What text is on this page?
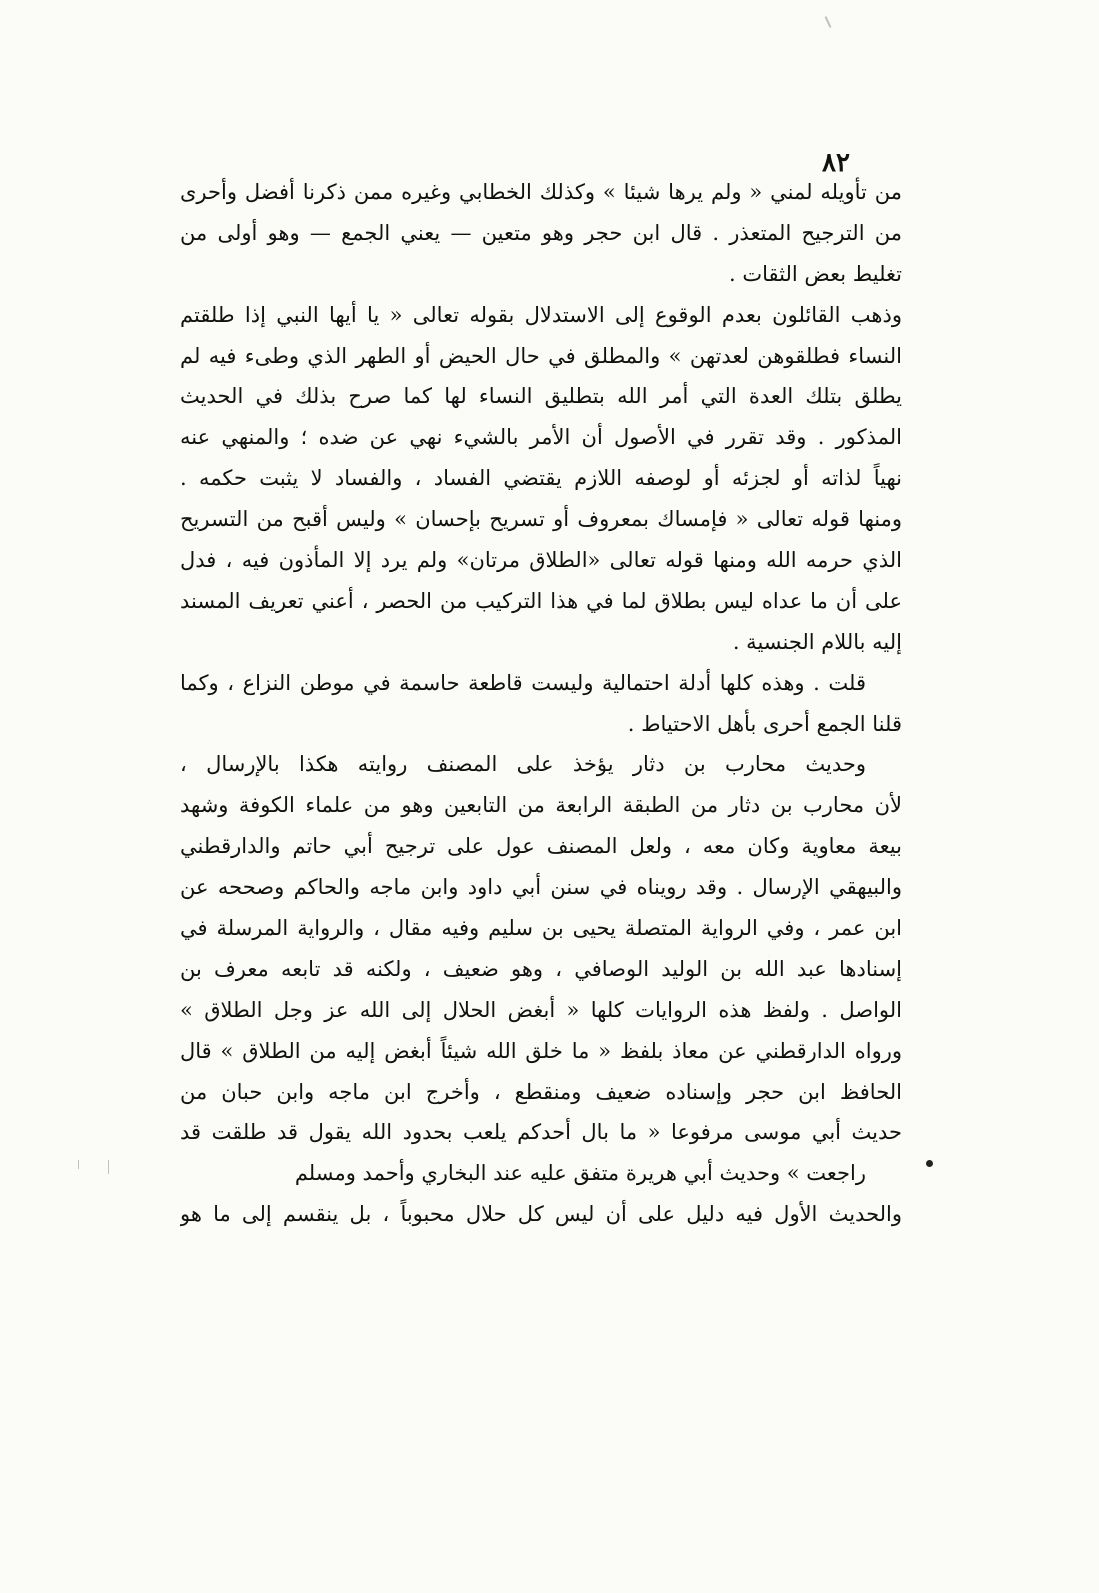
٨٢
من تأويله لمني « ولم يرها شيئا » وكذلك الخطابي وغيره ممن ذكرنا أفضل وأحرى
من الترجيح المتعذر . قال ابن حجر وهو متعين — يعني الجمع — وهو أولى من
تغليط بعض الثقات .
وذهب القائلون بعدم الوقوع إلى الاستدلال بقوله تعالى « يا أيها النبي إذا طلقتم
النساء فطلقوهن لعدتهن » والمطلق في حال الحيض أو الطهر الذي وطىء فيه لم
يطلق بتلك العدة التي أمر الله بتطليق النساء لها كما صرح بذلك في الحديث
المذكور . وقد تقرر في الأصول أن الأمر بالشيء نهي عن ضده ؛ والمنهي عنه
نهياً لذاته أو لجزئه أو لوصفه اللازم يقتضي الفساد ، والفساد لا يثبت حكمه .
ومنها قوله تعالى « فإمساك بمعروف أو تسريح بإحسان » وليس أقبح من التسريح
الذي حرمه الله ومنها قوله تعالى «الطلاق مرتان» ولم يرد إلا المأذون فيه ، فدل
على أن ما عداه ليس بطلاق لما في هذا التركيب من الحصر ، أعني تعريف المسند
إليه باللام الجنسية .
قلت . وهذه كلها أدلة احتمالية وليست قاطعة حاسمة في موطن النزاع ، وكما
قلنا الجمع أحرى بأهل الاحتياط .
وحديث محارب بن دثار يؤخذ على المصنف روايته هكذا بالإرسال ،
لأن محارب بن دثار من الطبقة الرابعة من التابعين وهو من علماء الكوفة وشهد
بيعة معاوية وكان معه ، ولعل المصنف عول على ترجيح أبي حاتم والدارقطني
والبيهقي الإرسال . وقد رويناه في سنن أبي داود وابن ماجه والحاكم وصححه عن
ابن عمر ، وفي الرواية المتصلة يحيى بن سليم وفيه مقال ، والرواية المرسلة في
إسنادها عبد الله بن الوليد الوصافي ، وهو ضعيف ، ولكنه قد تابعه معرف بن
الواصل . ولفظ هذه الروايات كلها « أبغض الحلال إلى الله عز وجل الطلاق »
ورواه الدارقطني عن معاذ بلفظ « ما خلق الله شيئاً أبغض إليه من الطلاق » قال
الحافظ ابن حجر وإسناده ضعيف ومنقطع ، وأخرج ابن ماجه وابن حبان من
حديث أبي موسى مرفوعا « ما بال أحدكم يلعب بحدود الله يقول قد طلقت قد
راجعت » وحديث أبي هريرة متفق عليه عند البخاري وأحمد ومسلم
والحديث الأول فيه دليل على أن ليس كل حلال محبوباً ، بل ينقسم إلى ما هو
